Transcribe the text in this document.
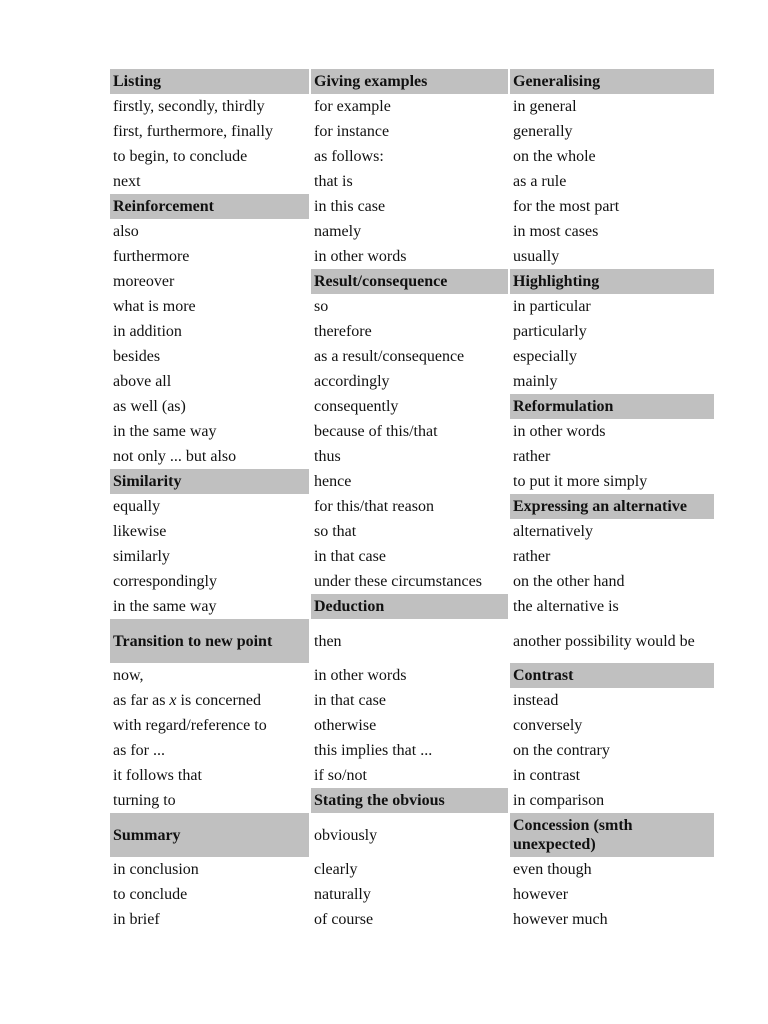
Listing	Giving examples	Generalising
firstly, secondly, thirdly	for example	in general
first, furthermore, finally	for instance	generally
to begin, to conclude	as follows:	on the whole
next	that is	as a rule
Reinforcement	in this case	for the most part
also	namely	in most cases
furthermore	in other words	usually
moreover	Result/consequence	Highlighting
what is more	so	in particular
in addition	therefore	particularly
besides	as a result/consequence	especially
above all	accordingly	mainly
as well (as)	consequently	Reformulation
in the same way	because of this/that	in other words
not only ... but also	thus	rather
Similarity	hence	to put it more simply
equally	for this/that reason	Expressing an alternative
likewise	so that	alternatively
similarly	in that case	rather
correspondingly	under these circumstances	on the other hand
in the same way	Deduction	the alternative is
Transition to new point	then	another possibility would be
now,	in other words	Contrast
as far as x is concerned	in that case	instead
with regard/reference to	otherwise	conversely
as for ...	this implies that ...	on the contrary
it follows that	if so/not	in contrast
turning to	Stating the obvious	in comparison
Summary	obviously	Concession (smth unexpected)
in conclusion	clearly	even though
to conclude	naturally	however
in brief	of course	however much
